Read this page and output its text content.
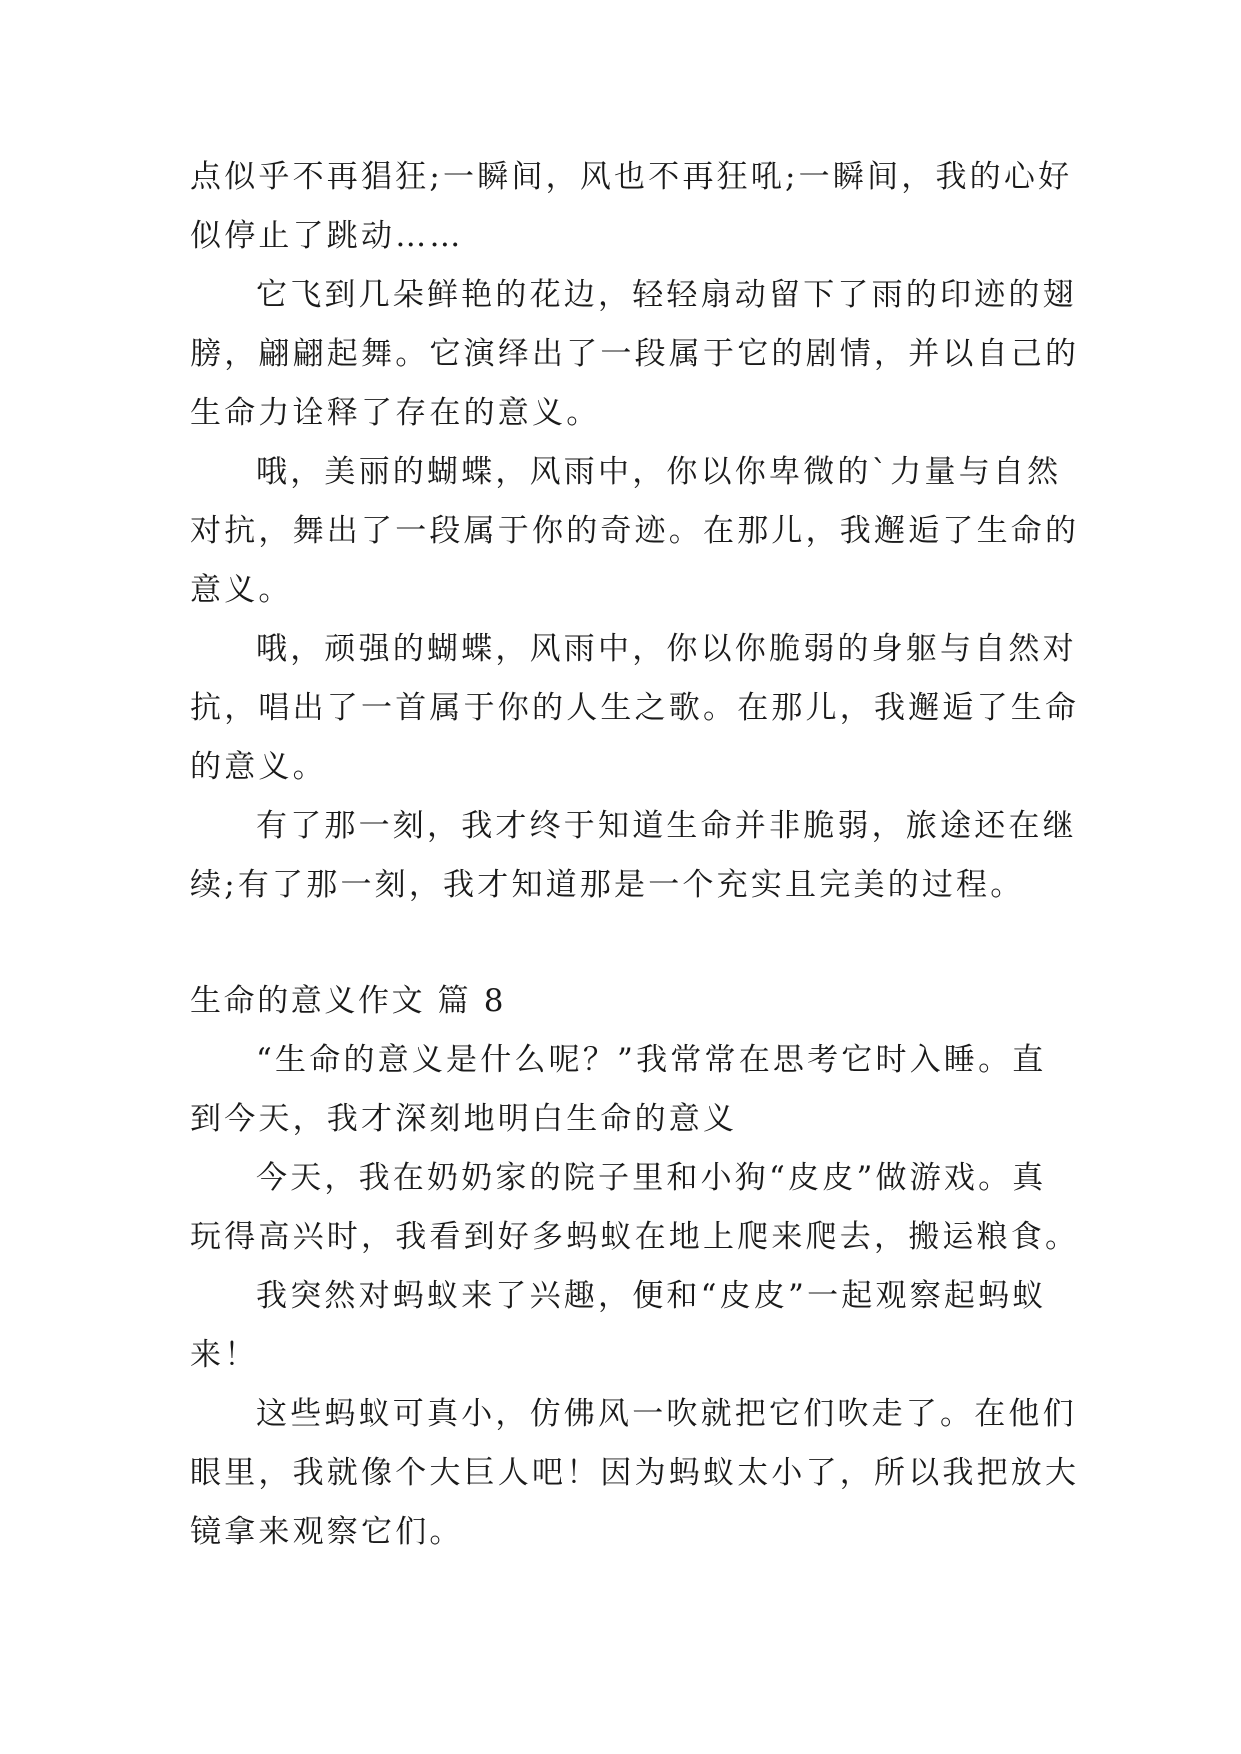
点似乎不再猖狂;一瞬间，风也不再狂吼;一瞬间，我的心好
似停止了跳动……
它飞到几朵鲜艳的花边，轻轻扇动留下了雨的印迹的翅
膀，翩翩起舞。它演绎出了一段属于它的剧情，并以自己的
生命力诠释了存在的意义。
哦，美丽的蝴蝶，风雨中，你以你卑微的`力量与自然
对抗，舞出了一段属于你的奇迹。在那儿，我邂逅了生命的
意义。
哦，顽强的蝴蝶，风雨中，你以你脆弱的身躯与自然对
抗，唱出了一首属于你的人生之歌。在那儿，我邂逅了生命
的意义。
有了那一刻，我才终于知道生命并非脆弱，旅途还在继
续;有了那一刻，我才知道那是一个充实且完美的过程。
生命的意义作文 篇 8
“生命的意义是什么呢？”我常常在思考它时入睡。直
到今天，我才深刻地明白生命的意义
今天，我在奶奶家的院子里和小狗“皮皮”做游戏。真
玩得高兴时，我看到好多蚂蚁在地上爬来爬去，搬运粮食。
我突然对蚂蚁来了兴趣，便和“皮皮”一起观察起蚂蚁
来！
这些蚂蚁可真小，仿佛风一吹就把它们吹走了。在他们
眼里，我就像个大巨人吧！因为蚂蚁太小了，所以我把放大
镜拿来观察它们。
